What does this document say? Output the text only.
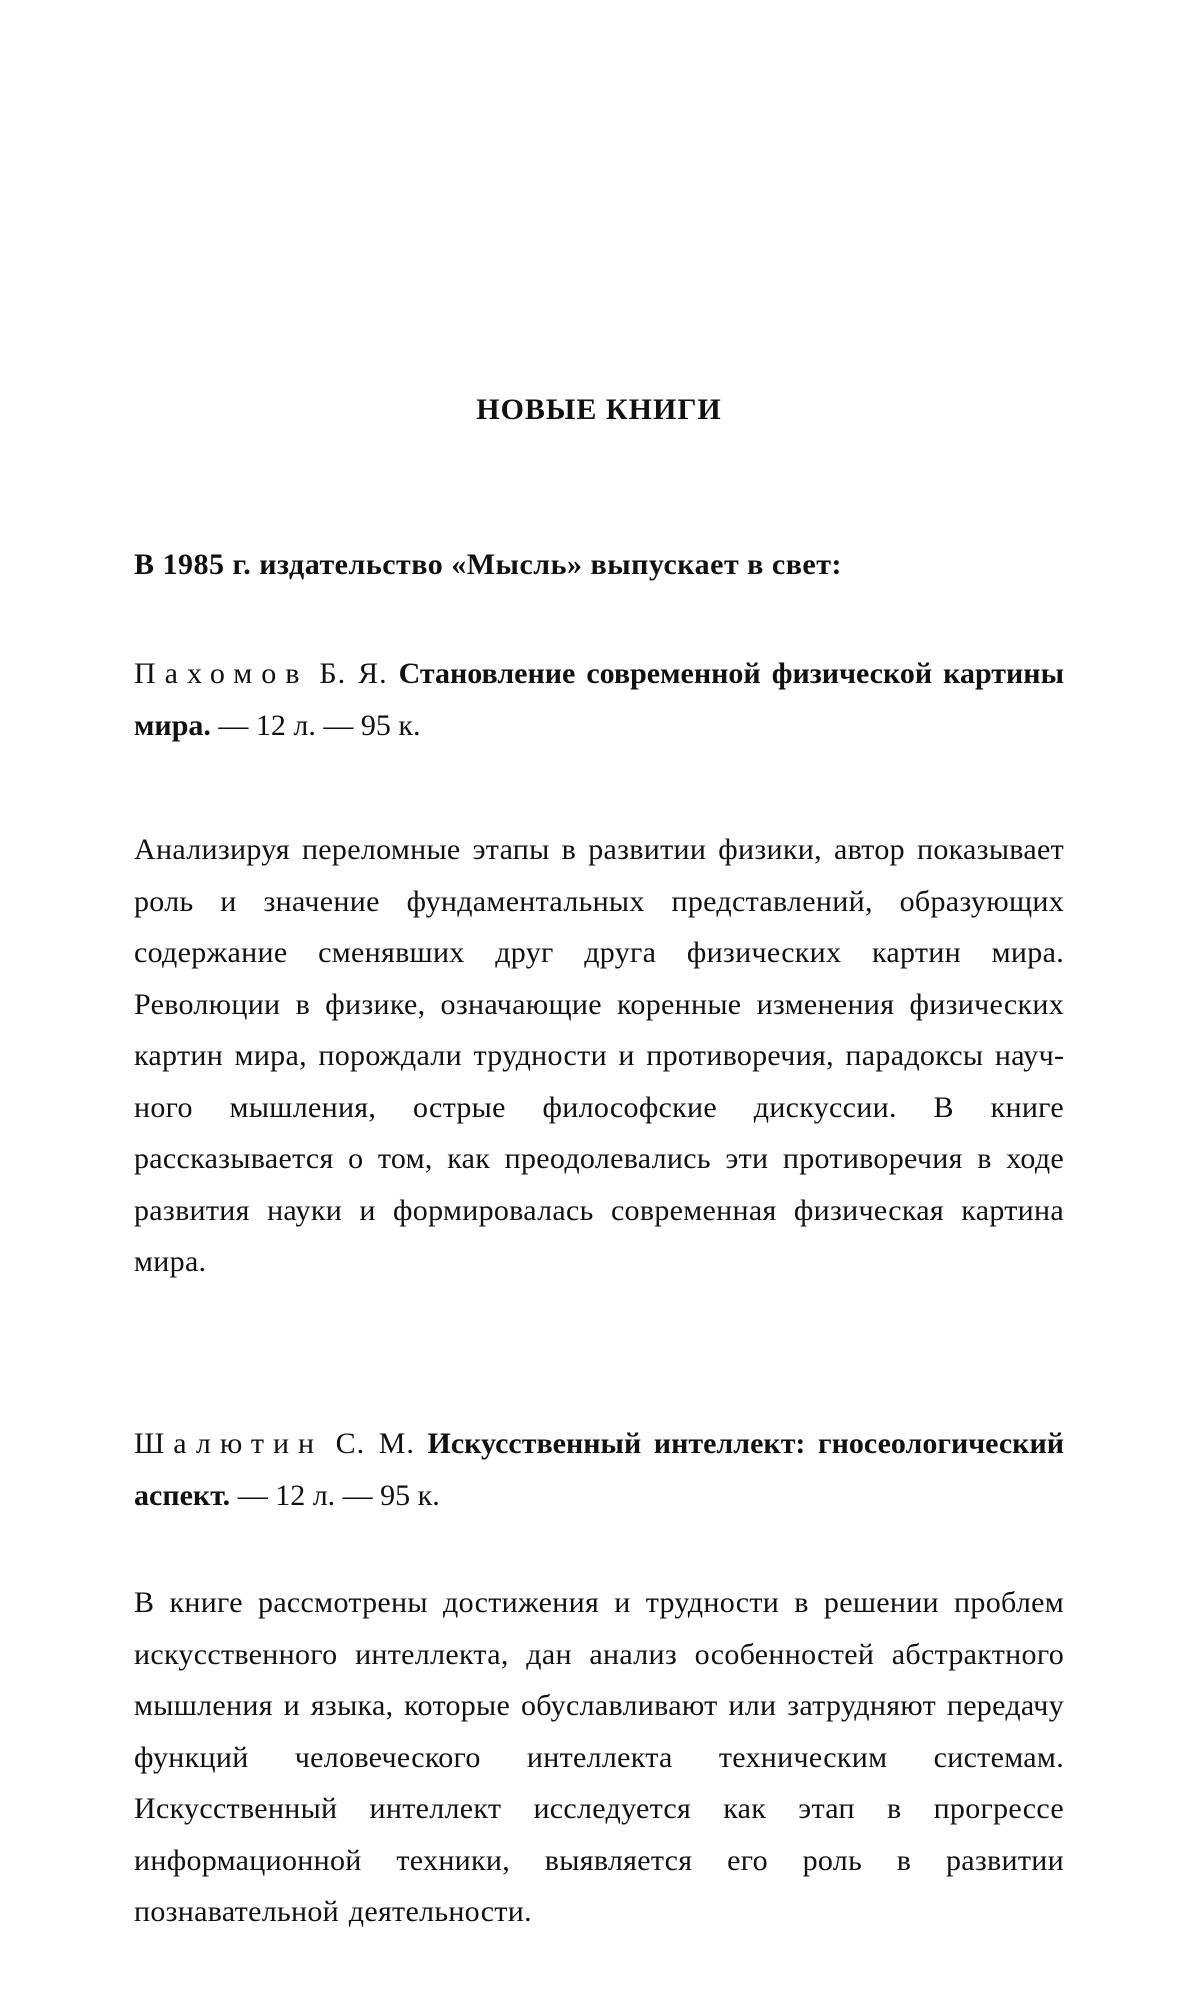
НОВЫЕ КНИГИ
В 1985 г. издательство «Мысль» выпускает в свет:
Пахомов Б. Я. Становление современной физической картины мира. — 12 л. — 95 к.
Анализируя переломные этапы в развитии физики, автор показывает роль и значение фундаментальных представлений, образующих содержание сменявших друг друга физических картин мира. Революции в физике, означающие коренные изменения физических картин мира, порождали трудности и противоречия, парадоксы научного мышления, острые философские дискуссии. В книге рассказывается о том, как преодолевались эти противоречия в ходе развития науки и формировалась современная физическая картина мира.
Шалютин С. М. Искусственный интеллект: гносеологический аспект. — 12 л. — 95 к.
В книге рассмотрены достижения и трудности в решении проблем искусственного интеллекта, дан анализ особенностей абстрактного мышления и языка, которые обуславливают или затрудняют передачу функций человеческого интеллекта техническим системам. Искусственный интеллект исследуется как этап в прогрессе информационной техники, выявляется его роль в развитии познавательной деятельности.
